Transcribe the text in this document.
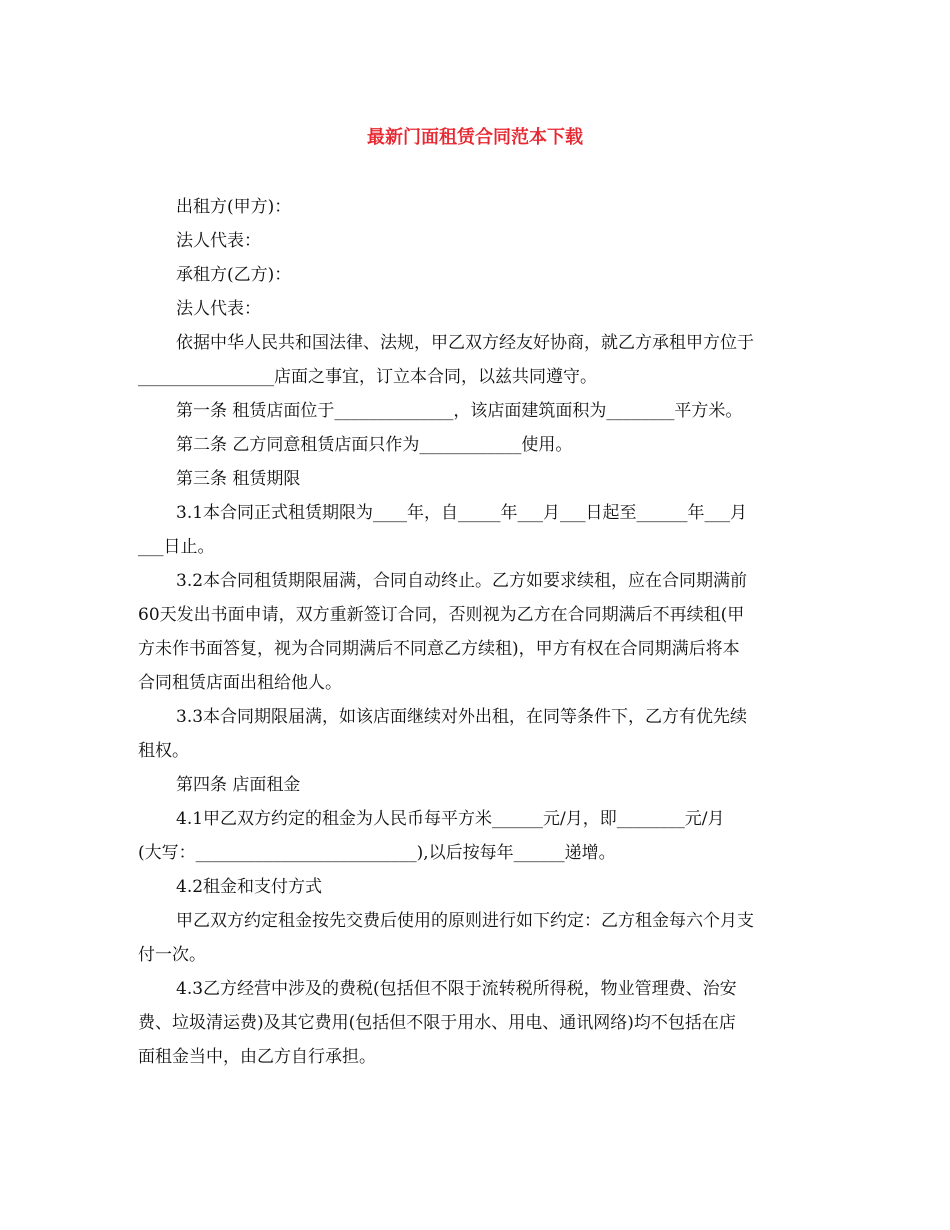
最新门面租赁合同范本下载
出租方(甲方)：
法人代表：
承租方(乙方)：
法人代表：
依据中华人民共和国法律、法规，甲乙双方经友好协商，就乙方承租甲方位于
________________店面之事宜，订立本合同，以兹共同遵守。
第一条 租赁店面位于______________，该店面建筑面积为________平方米。
第二条 乙方同意租赁店面只作为____________使用。
第三条 租赁期限
3.1本合同正式租赁期限为____年，自_____年___月___日起至______年___月
___日止。
3.2本合同租赁期限届满，合同自动终止。乙方如要求续租，应在合同期满前
60天发出书面申请，双方重新签订合同，否则视为乙方在合同期满后不再续租(甲
方未作书面答复，视为合同期满后不同意乙方续租)，甲方有权在合同期满后将本
合同租赁店面出租给他人。
3.3本合同期限届满，如该店面继续对外出租，在同等条件下，乙方有优先续
租权。
第四条 店面租金
4.1甲乙双方约定的租金为人民币每平方米______元/月，即________元/月
(大写：__________________________),以后按每年______递增。
4.2租金和支付方式
甲乙双方约定租金按先交费后使用的原则进行如下约定：乙方租金每六个月支
付一次。
4.3乙方经营中涉及的费税(包括但不限于流转税所得税，物业管理费、治安
费、垃圾清运费)及其它费用(包括但不限于用水、用电、通讯网络)均不包括在店
面租金当中，由乙方自行承担。
